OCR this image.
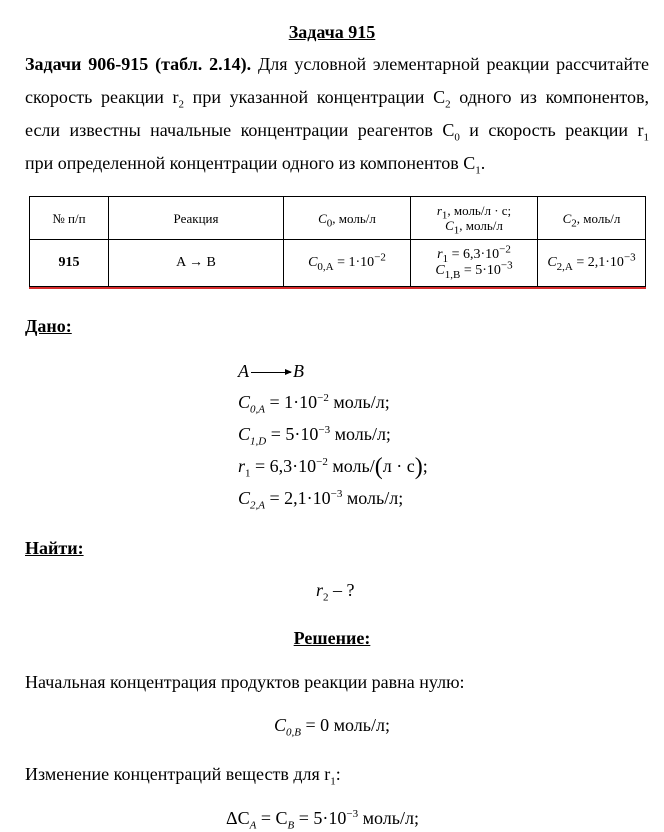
Задача 915
Задачи 906-915 (табл. 2.14). Для условной элементарной реакции рассчитайте
скорость реакции $r_2$ при указанной концентрации $C_2$ одного из компонентов,
если известны начальные концентрации реагентов $C_0$ и скорость реакции $r_1$
при определенной концентрации одного из компонентов $C_1$.
№ п/п	Реакция	$C_0$, моль/л	$r_1$, моль/л · с;
$C_1$, моль/л	$C_2$, моль/л
915	A → B	$C_{0,A} = 1\cdot 10^{-2}$	$r_1 = 6,3\cdot 10^{-2}$
$C_{1,B} = 5\cdot 10^{-3}$	$C_{2,A} = 2,1\cdot 10^{-3}$
Дано:
A B
$C_{0,A} = 1\cdot 10^{-2}$ моль/л;
$C_{1,D} = 5\cdot 10^{-3}$ моль/л;
$r_1 = 6,3\cdot 10^{-2}$ моль/(л · с);
$C_{2,A} = 2,1\cdot 10^{-3}$ моль/л;
Найти:
$r_2$ – ?
Решение:
Начальная концентрация продуктов реакции равна нулю:
$C_{0,B} = 0$ моль/л;
Изменение концентраций веществ для $r_1$:
$\Delta C_A = C_B = 5\cdot 10^{-3}$ моль/л;
